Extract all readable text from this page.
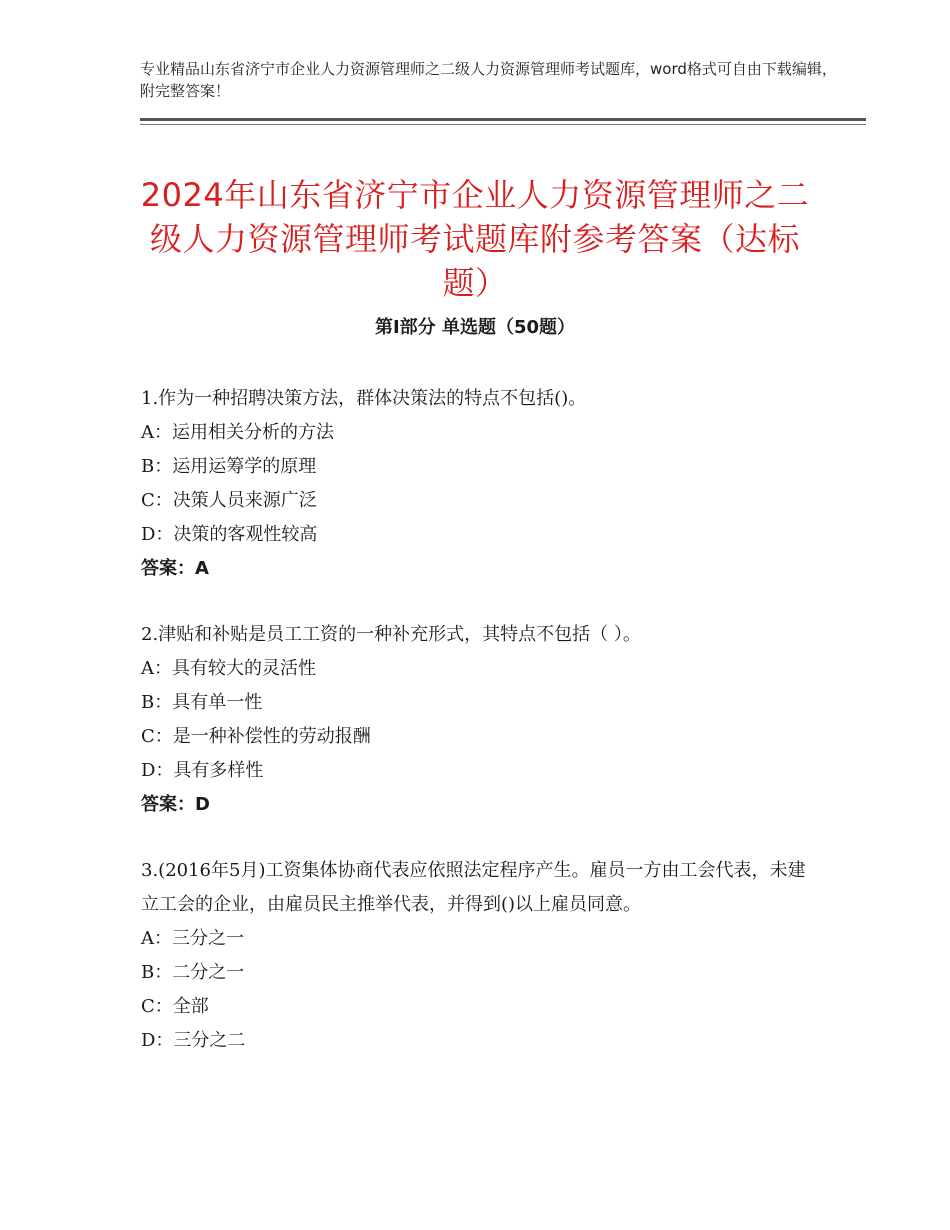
专业精品山东省济宁市企业人力资源管理师之二级人力资源管理师考试题库，word格式可自由下载编辑，附完整答案！
2024年山东省济宁市企业人力资源管理师之二级人力资源管理师考试题库附参考答案（达标题）
第Ⅰ部分 单选题（50题）

1.作为一种招聘决策方法，群体决策法的特点不包括()。

A：运用相关分析的方法

B：运用运筹学的原理

C：决策人员来源广泛

D：决策的客观性较高

答案：A

2.津贴和补贴是员工工资的一种补充形式，其特点不包括（ ）。

A：具有较大的灵活性

B：具有单一性

C：是一种补偿性的劳动报酬

D：具有多样性

答案：D

3.(2016年5月)工资集体协商代表应依照法定程序产生。雇员一方由工会代表，未建立工会的企业，由雇员民主推举代表，并得到()以上雇员同意。

A：三分之一

B：二分之一

C：全部

D：三分之二
